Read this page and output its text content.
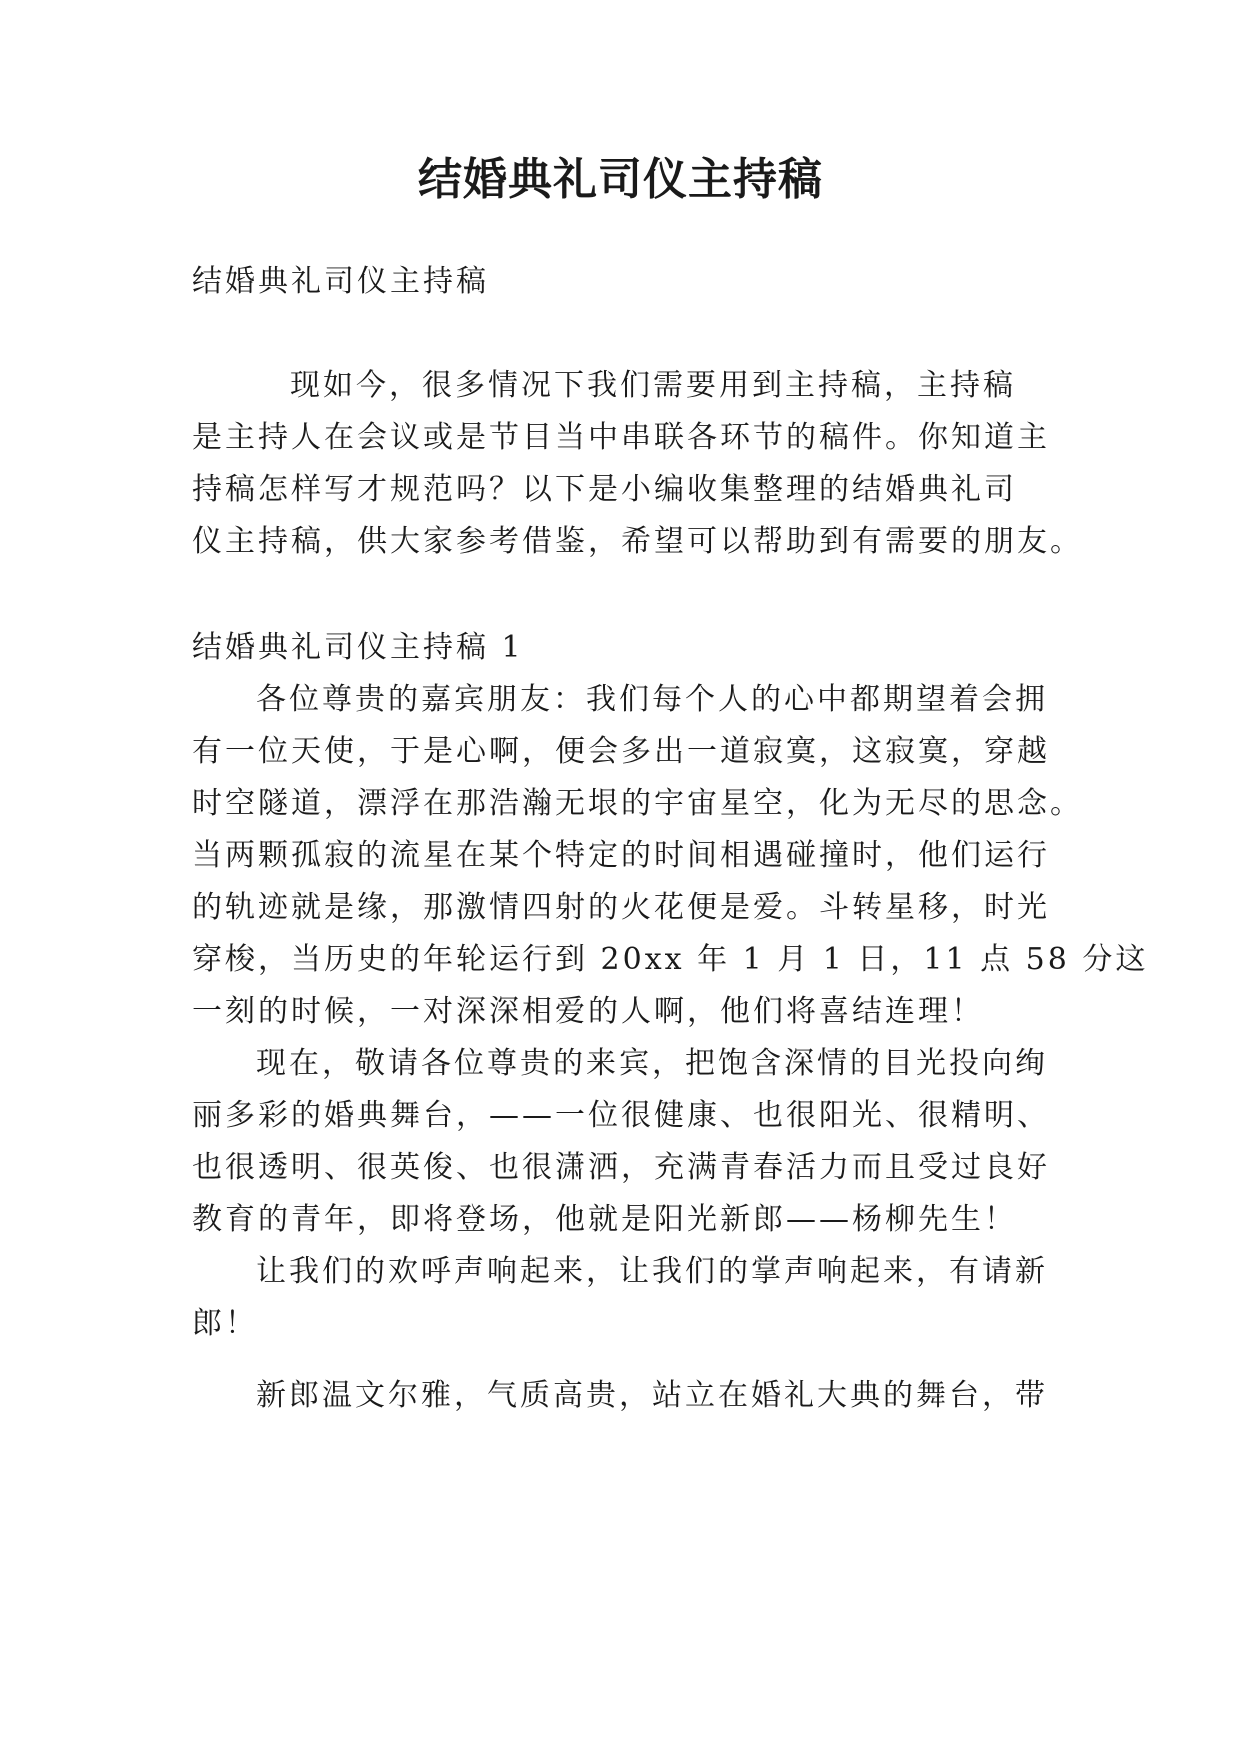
结婚典礼司仪主持稿

结婚典礼司仪主持稿

现如今，很多情况下我们需要用到主持稿，主持稿

是主持人在会议或是节目当中串联各环节的稿件。你知道主

持稿怎样写才规范吗？以下是小编收集整理的结婚典礼司

仪主持稿，供大家参考借鉴，希望可以帮助到有需要的朋友。

结婚典礼司仪主持稿 1

各位尊贵的嘉宾朋友：我们每个人的心中都期望着会拥

有一位天使，于是心啊，便会多出一道寂寞，这寂寞，穿越

时空隧道，漂浮在那浩瀚无垠的宇宙星空，化为无尽的思念。

当两颗孤寂的流星在某个特定的时间相遇碰撞时，他们运行

的轨迹就是缘，那激情四射的火花便是爱。斗转星移，时光

穿梭，当历史的年轮运行到 20xx 年 1 月 1 日，11 点 58 分这

一刻的时候，一对深深相爱的人啊，他们将喜结连理！

现在，敬请各位尊贵的来宾，把饱含深情的目光投向绚

丽多彩的婚典舞台，——一位很健康、也很阳光、很精明、

也很透明、很英俊、也很潇洒，充满青春活力而且受过良好

教育的青年，即将登场，他就是阳光新郎——杨柳先生！

让我们的欢呼声响起来，让我们的掌声响起来，有请新

郎！

新郎温文尔雅，气质高贵，站立在婚礼大典的舞台，带
